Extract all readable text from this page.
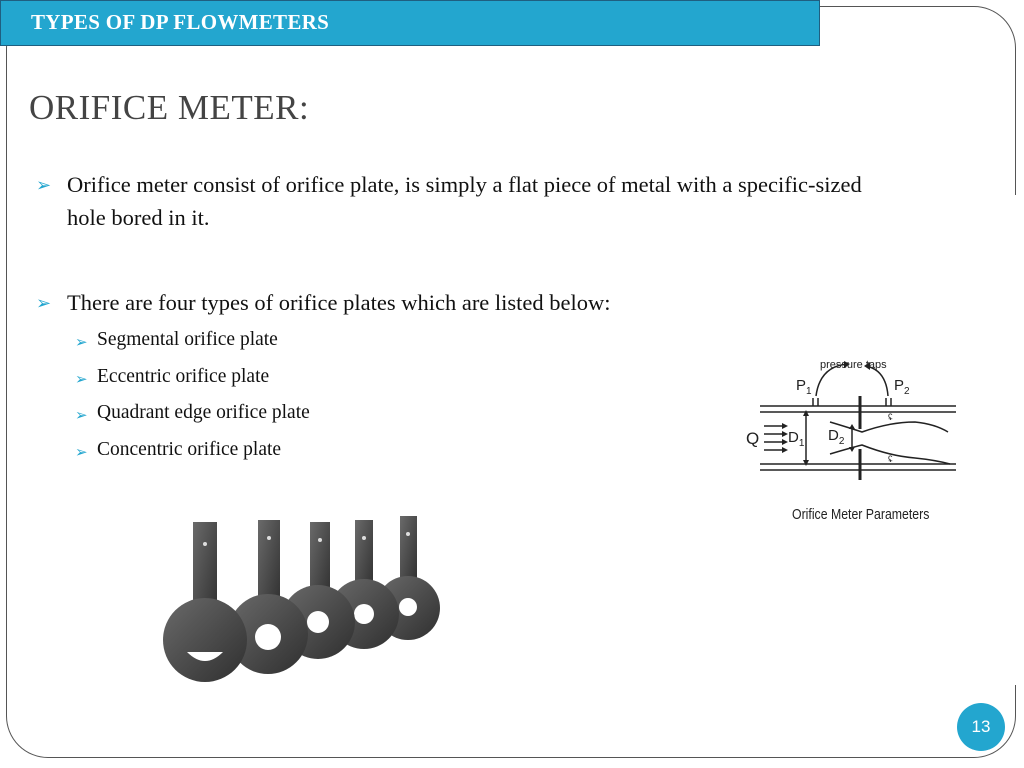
TYPES OF DP FLOWMETERS
ORIFICE METER:
➢ Orifice meter consist of orifice plate, is simply a flat piece of metal with a specific-sized
hole bored in it.
➢ There are four types of orifice plates which are listed below:
➢ Segmental orifice plate
➢ Eccentric orifice plate
➢ Quadrant edge orifice plate
➢ Concentric orifice plate
pressure taps
$P_1$	$P_2$
Q $D_1$ $D_2$
ʢ
ʢ
Orifice Meter Parameters
13
